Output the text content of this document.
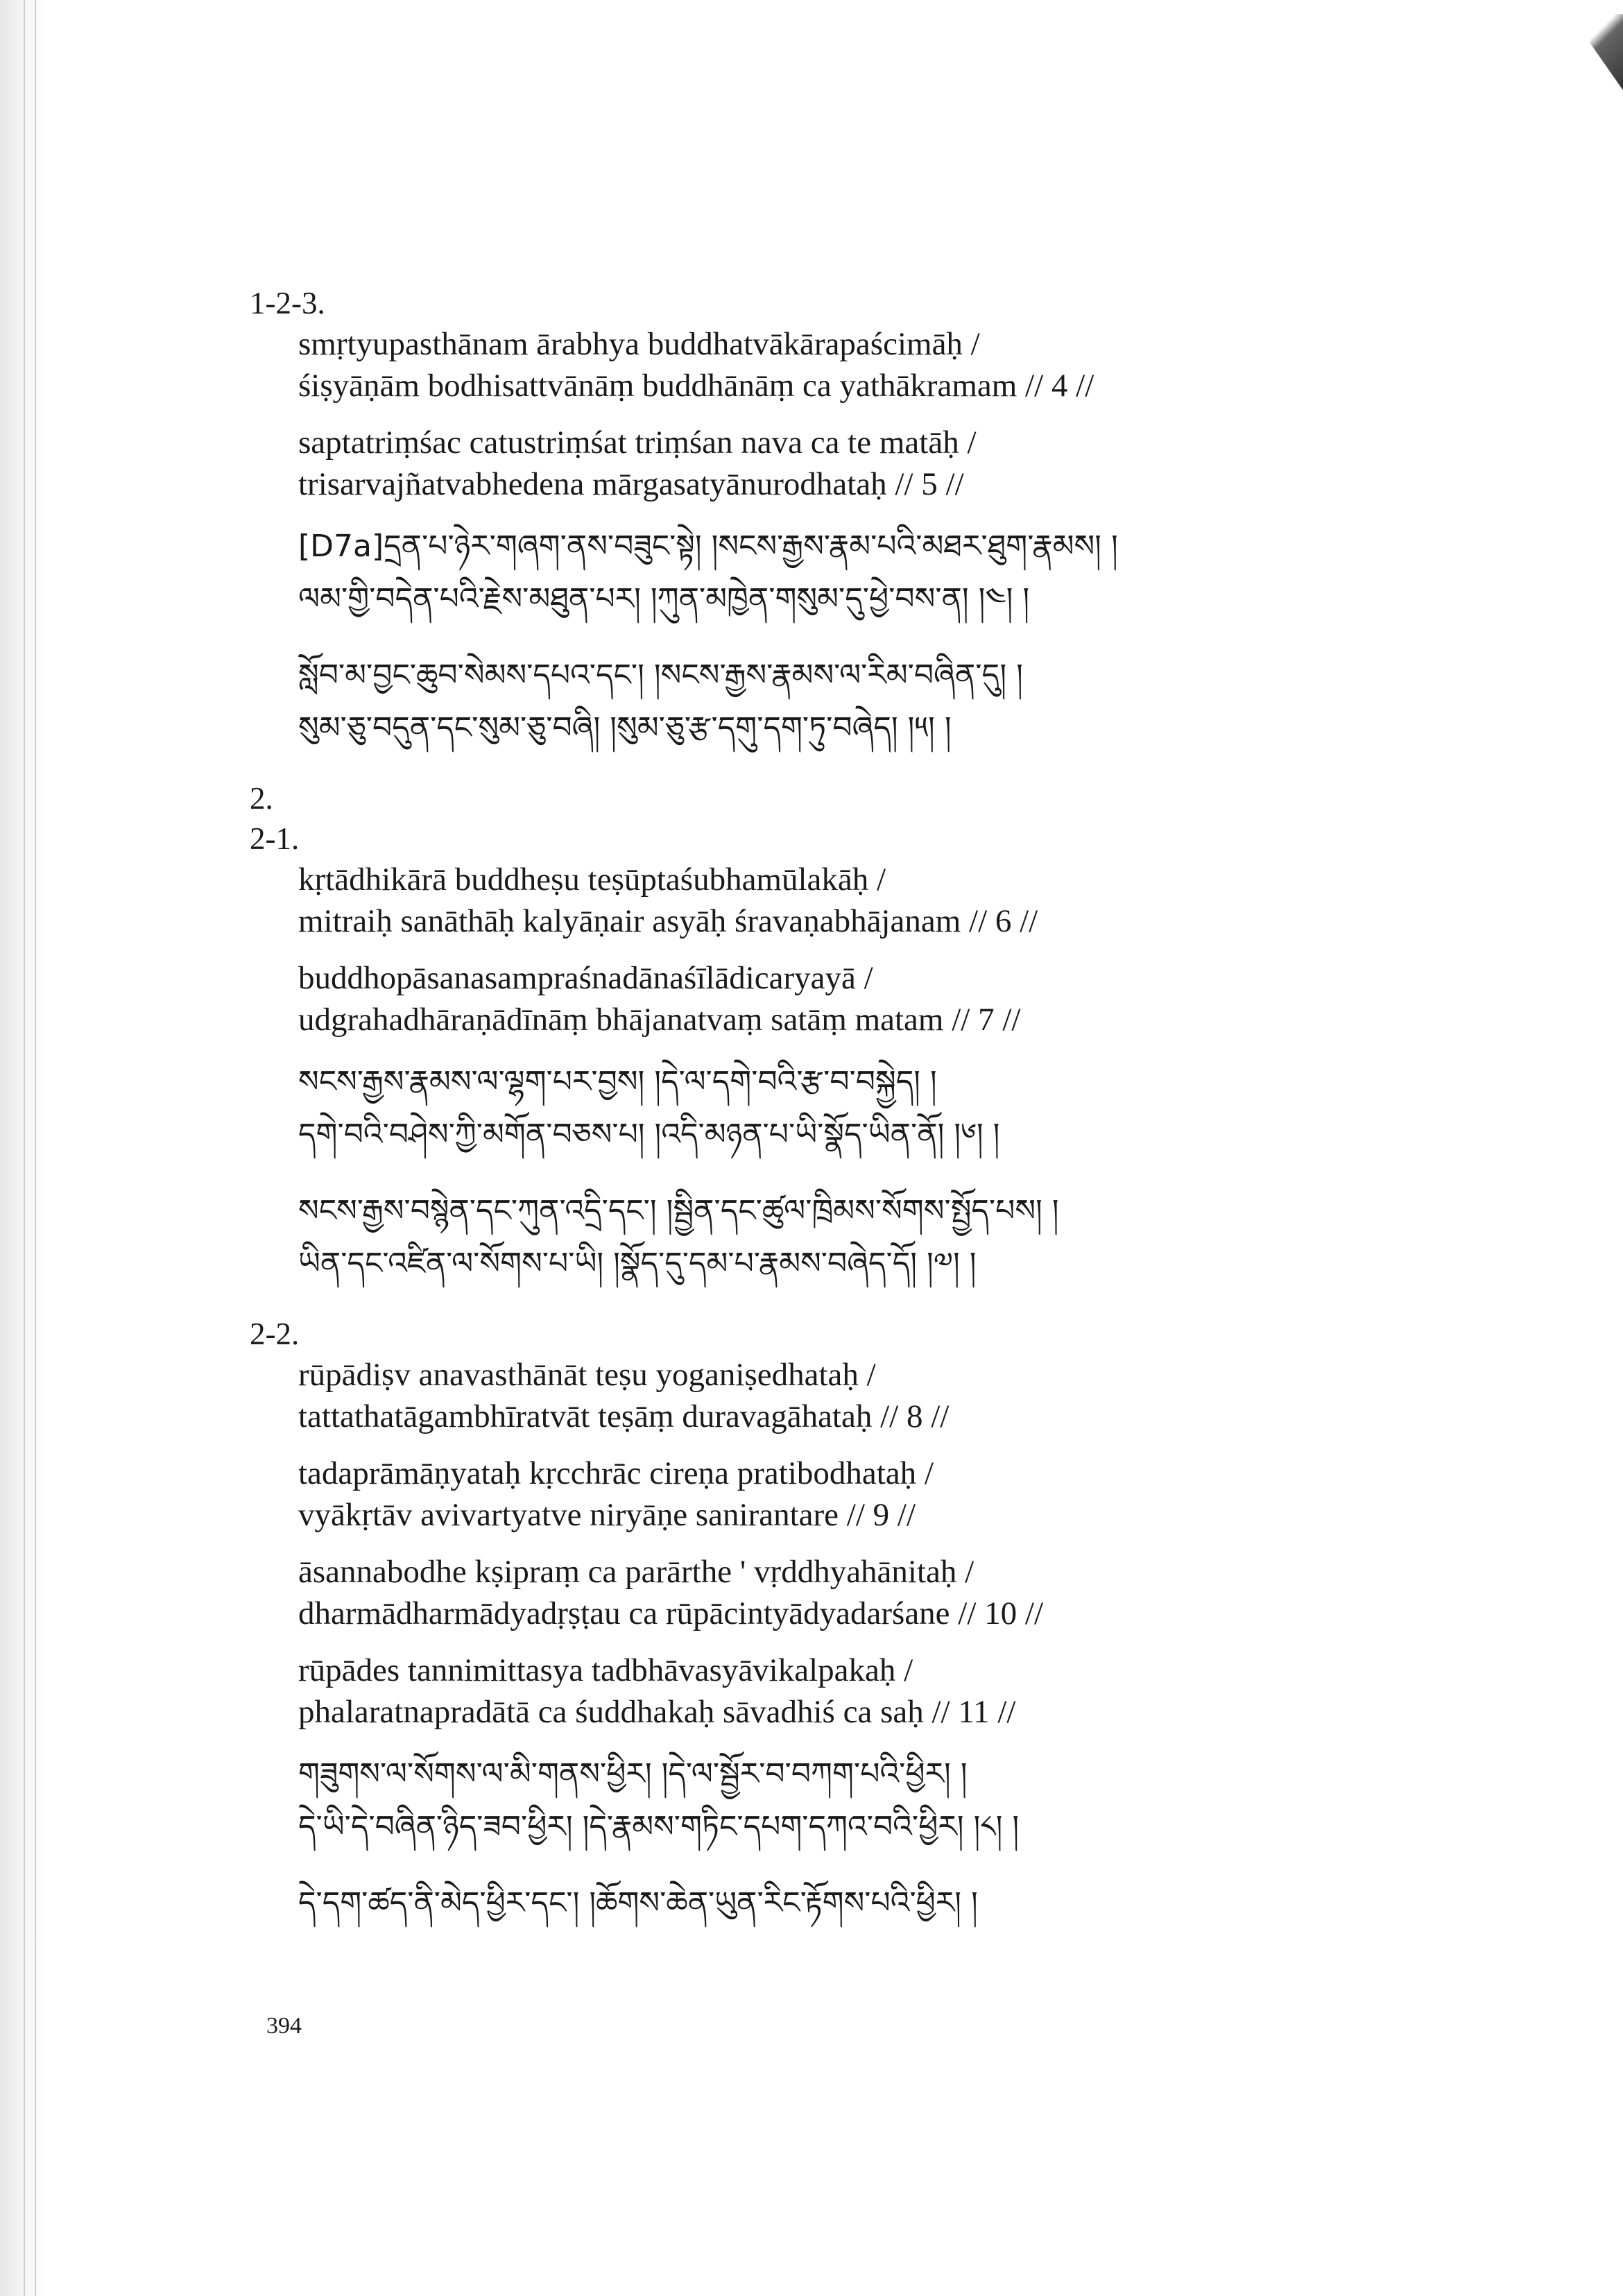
1-2-3.
smṛtyupasthānam ārabhya buddhatvākārapaścimāḥ /
śiṣyāṇām bodhisattvānāṃ buddhānāṃ ca yathākramam // 4 //
saptatriṃśac catustriṃśat triṃśan nava ca te matāḥ /
trisarvajñatvabhedena mārgasatyānurodhataḥ // 5 //
[D7a]དྲན་པ་ཉེར་གཞག་ནས་བཟུང་སྟེ། །སངས་རྒྱས་རྣམ་པའི་མཐར་ཐུག་རྣམས། །
ལམ་གྱི་བདེན་པའི་རྗེས་མཐུན་པར། །ཀུན་མཁྱེན་གསུམ་དུ་ཕྱེ་བས་ན། །༤། །
སློབ་མ་བྱང་ཆུབ་སེམས་དཔའ་དང་། །སངས་རྒྱས་རྣམས་ལ་རིམ་བཞིན་དུ། །
སུམ་ཅུ་བདུན་དང་སུམ་ཅུ་བཞི། །སུམ་ཅུ་རྩ་དགུ་དག་ཏུ་བཞེད། །༥། །
2.
2-1.
kṛtādhikārā buddheṣu teṣūptaśubhamūlakāḥ /
mitraiḥ sanāthāḥ kalyāṇair asyāḥ śravaṇabhājanam // 6 //
buddhopāsanasampraśnadānaśīlādicaryayā /
udgrahadhāraṇādīnāṃ bhājanatvaṃ satāṃ matam // 7 //
སངས་རྒྱས་རྣམས་ལ་ལྷག་པར་བྱས། །དེ་ལ་དགེ་བའི་རྩ་བ་བསྐྱེད། །
དགེ་བའི་བཤེས་ཀྱི་མགོན་བཅས་པ། །འདི་མཉན་པ་ཡི་སྣོད་ཡིན་ནོ། །༦། །
སངས་རྒྱས་བསྙེན་དང་ཀུན་འདྲི་དང་། །སྦྱིན་དང་ཚུལ་ཁྲིམས་སོགས་སྤྱོད་པས། །
ཡིན་དང་འཛིན་ལ་སོགས་པ་ཡི། །སྣོད་དུ་དམ་པ་རྣམས་བཞེད་དོ། །༧། །
2-2.
rūpādiṣv anavasthānāt teṣu yoganiṣedhataḥ /
tattathatāgambhīratvāt teṣāṃ duravagāhataḥ // 8 //
tadaprāmāṇyataḥ kṛcchrāc cireṇa pratibodhataḥ /
vyākṛtāv avivartyatve niryāṇe sanirantare // 9 //
āsannabodhe kṣipraṃ ca parārthe ' vṛddhyahānitaḥ /
dharmādharmādyadṛṣṭau ca rūpācintyādyadarśane // 10 //
rūpādes tannimittasya tadbhāvasyāvikalpakaḥ /
phalaratnapradātā ca śuddhakaḥ sāvadhiś ca saḥ // 11 //
གཟུགས་ལ་སོགས་ལ་མི་གནས་ཕྱིར། །དེ་ལ་སྦྱོར་བ་བཀག་པའི་ཕྱིར། །
དེ་ཡི་དེ་བཞིན་ཉིད་ཟབ་ཕྱིར། །དེ་རྣམས་གཏིང་དཔག་དཀའ་བའི་ཕྱིར། །༨། །
དེ་དག་ཚད་ནི་མེད་ཕྱིར་དང་། །ཆོགས་ཆེན་ཡུན་རིང་རྟོགས་པའི་ཕྱིར། །
394
